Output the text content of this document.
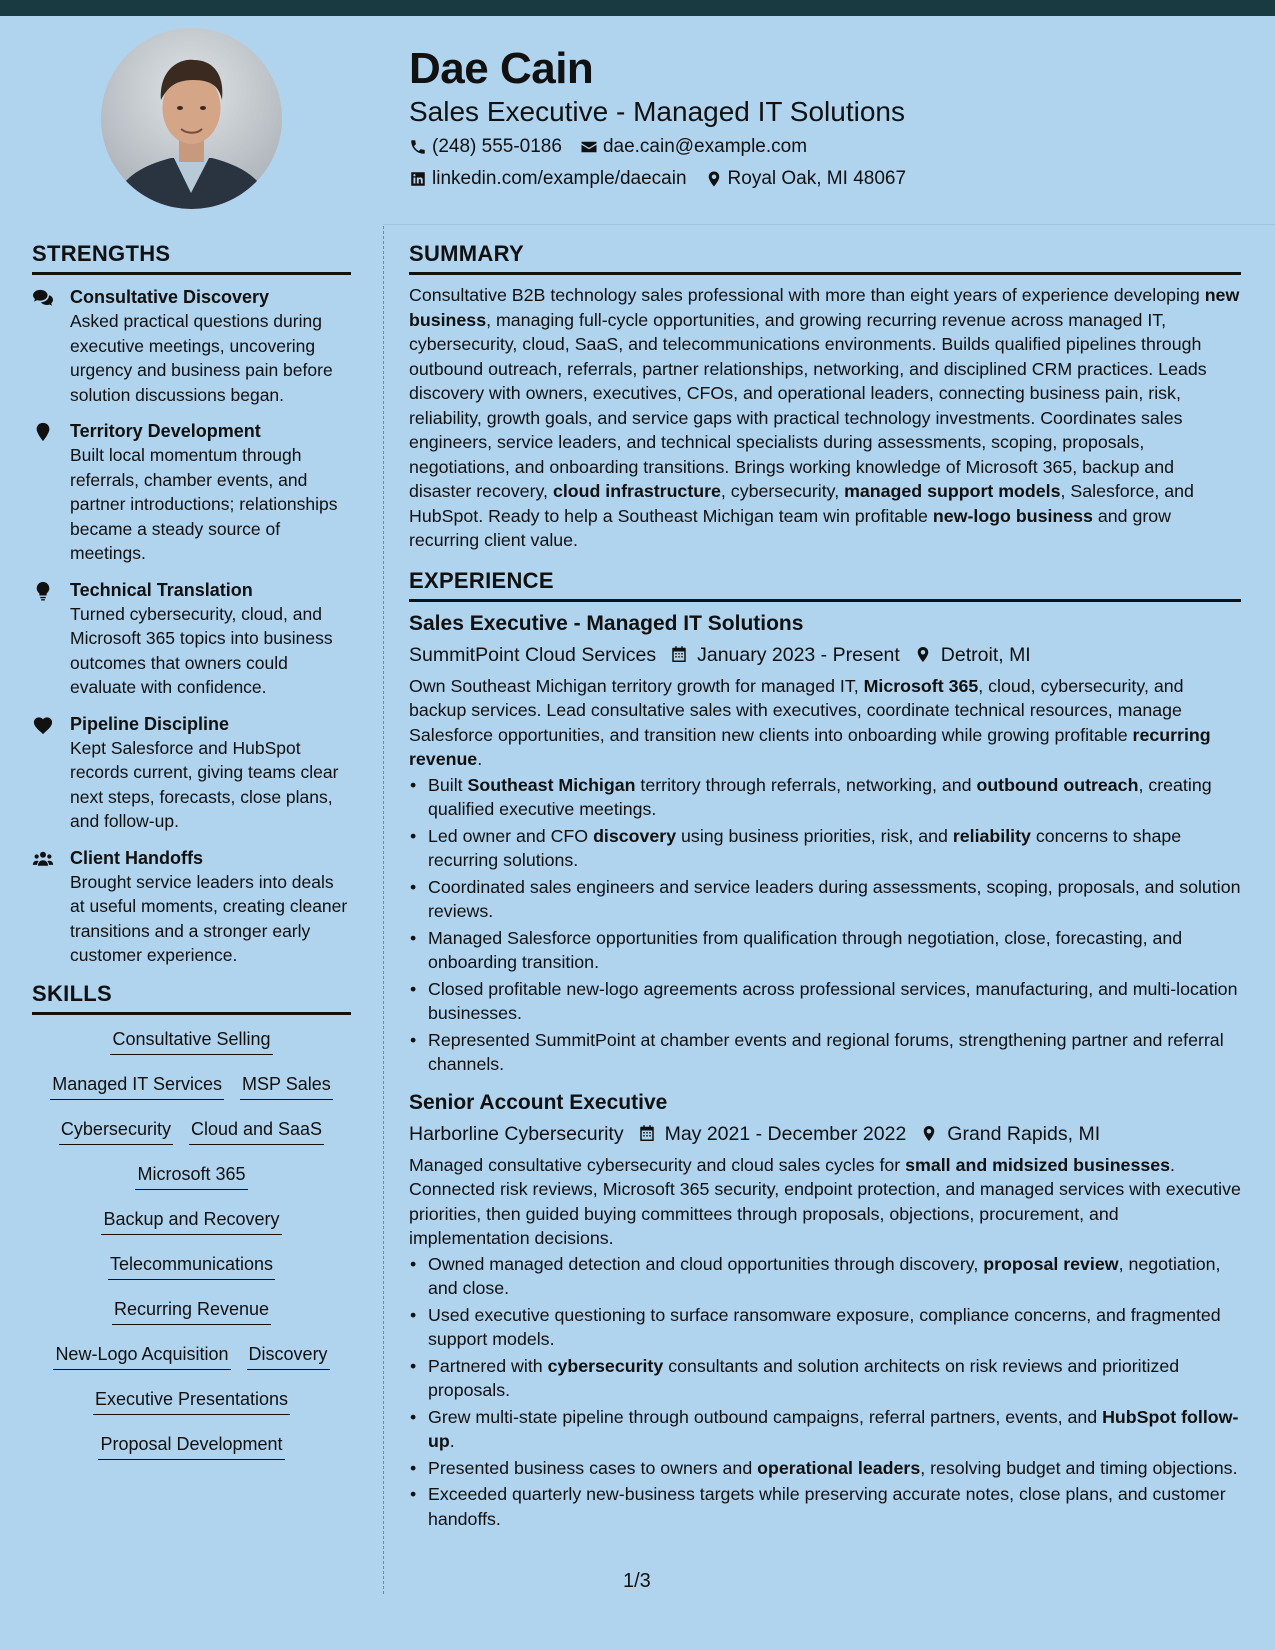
Dae Cain
Sales Executive - Managed IT Solutions
(248) 555-0186 dae.cain@example.com
linkedin.com/example/daecain Royal Oak, MI 48067
STRENGTHS
Consultative Discovery
Asked practical questions during executive meetings, uncovering urgency and business pain before solution discussions began.
Territory Development
Built local momentum through referrals, chamber events, and partner introductions; relationships became a steady source of meetings.
Technical Translation
Turned cybersecurity, cloud, and Microsoft 365 topics into business outcomes that owners could evaluate with confidence.
Pipeline Discipline
Kept Salesforce and HubSpot records current, giving teams clear next steps, forecasts, close plans, and follow-up.
Client Handoffs
Brought service leaders into deals at useful moments, creating cleaner transitions and a stronger early customer experience.
SKILLS
Consultative Selling
Managed IT Services MSP Sales
Cybersecurity Cloud and SaaS
Microsoft 365
Backup and Recovery
Telecommunications
Recurring Revenue
New-Logo Acquisition Discovery
Executive Presentations
Proposal Development
SUMMARY
Consultative B2B technology sales professional with more than eight years of experience developing new business, managing full-cycle opportunities, and growing recurring revenue across managed IT, cybersecurity, cloud, SaaS, and telecommunications environments. Builds qualified pipelines through outbound outreach, referrals, partner relationships, networking, and disciplined CRM practices. Leads discovery with owners, executives, CFOs, and operational leaders, connecting business pain, risk, reliability, growth goals, and service gaps with practical technology investments. Coordinates sales engineers, service leaders, and technical specialists during assessments, scoping, proposals, negotiations, and onboarding transitions. Brings working knowledge of Microsoft 365, backup and disaster recovery, cloud infrastructure, cybersecurity, managed support models, Salesforce, and HubSpot. Ready to help a Southeast Michigan team win profitable new-logo business and grow recurring client value.
EXPERIENCE
Sales Executive - Managed IT Solutions
SummitPoint Cloud Services January 2023 - Present Detroit, MI
Own Southeast Michigan territory growth for managed IT, Microsoft 365, cloud, cybersecurity, and backup services. Lead consultative sales with executives, coordinate technical resources, manage Salesforce opportunities, and transition new clients into onboarding while growing profitable recurring revenue.
• Built Southeast Michigan territory through referrals, networking, and outbound outreach, creating qualified executive meetings.
• Led owner and CFO discovery using business priorities, risk, and reliability concerns to shape recurring solutions.
• Coordinated sales engineers and service leaders during assessments, scoping, proposals, and solution reviews.
• Managed Salesforce opportunities from qualification through negotiation, close, forecasting, and onboarding transition.
• Closed profitable new-logo agreements across professional services, manufacturing, and multi-location businesses.
• Represented SummitPoint at chamber events and regional forums, strengthening partner and referral channels.
Senior Account Executive
Harborline Cybersecurity May 2021 - December 2022 Grand Rapids, MI
Managed consultative cybersecurity and cloud sales cycles for small and midsized businesses. Connected risk reviews, Microsoft 365 security, endpoint protection, and managed services with executive priorities, then guided buying committees through proposals, objections, procurement, and implementation decisions.
• Owned managed detection and cloud opportunities through discovery, proposal review, negotiation, and close.
• Used executive questioning to surface ransomware exposure, compliance concerns, and fragmented support models.
• Partnered with cybersecurity consultants and solution architects on risk reviews and prioritized proposals.
• Grew multi-state pipeline through outbound campaigns, referral partners, events, and HubSpot follow-up.
• Presented business cases to owners and operational leaders, resolving budget and timing objections.
• Exceeded quarterly new-business targets while preserving accurate notes, close plans, and customer handoffs.
1/3
